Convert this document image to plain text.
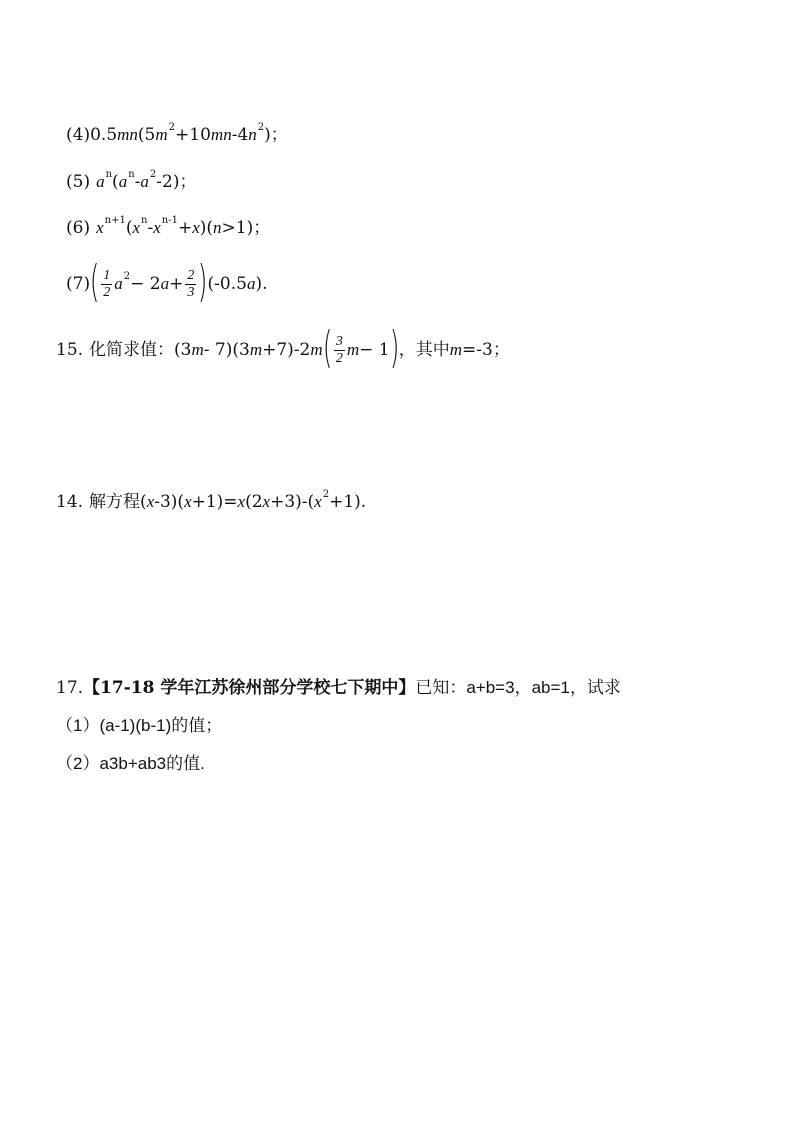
(4) 0.5 mn (5 m 2 +10 mn -4 n 2 )；
(5) a n ( a n - a 2 -2)；
(6) x n+1 ( x n - x n-1 + x )( n >1)；
(7) ( $\frac{1}{2}$ a 2 − 2 $a + \frac{2}{3}$ ) (-0.5 a ).
15. 化简求值：(3 m - 7)(3 m +7)-2 m ( $\frac{3}{2}$ m − 1 ) ，其中 m =-3；
14. 解方程( x -3)( x +1)= x (2 x +3)-( x 2 +1).
17. 【17-18 学年江苏徐州部分学校七下期中】 已知：a+b=3，ab=1，试求
（1）(a-1)(b-1)的值；
（2）a3b+ab3的值.
